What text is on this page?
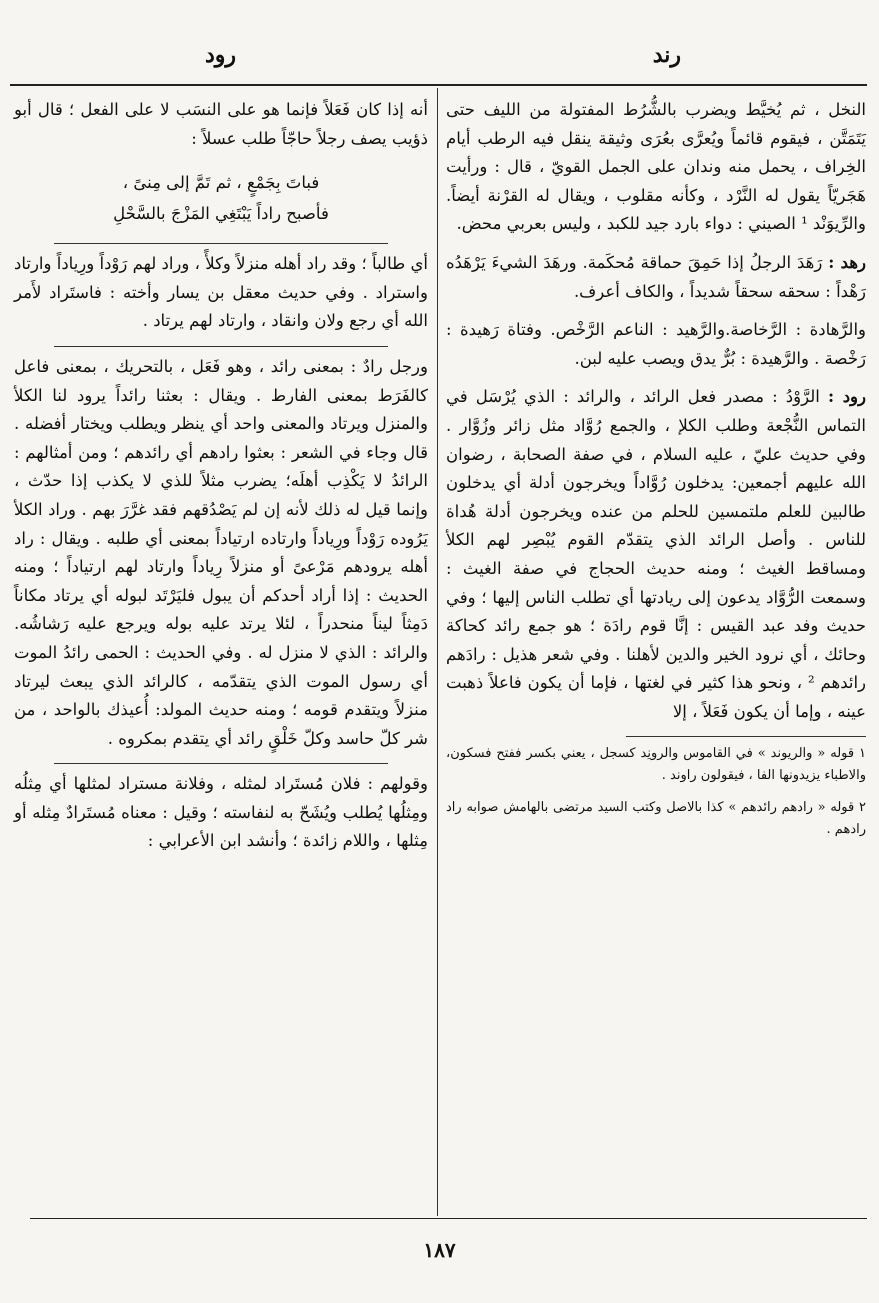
رند
رود

النخل ، ثم يُخيَّط ويضرب بالشُّرُط المفتولة من الليف حتى يَتَمَتَّن ، فيقوم قائماً ويُعرَّى بعُرَى وثيقة ينقل فيه الرطب أيام الخِراف ، يحمل منه وندان على الجمل القويّ ، قال : ورأيت هَجَريّاً يقول له النَّرْد ، وكأنه مقلوب ، ويقال له القرْنة أيضاً. والرِّيوَنْد ¹ الصيني : دواء بارد جيد للكبد ، وليس بعربي محض.

رهد : رَهَدَ الرجلُ إذا حَمِقَ حماقة مُحكَمة. ورهَدَ الشيءَ يَرْهَدُه رَهْداً : سحقه سحقاً شديداً ، والكاف أعرف.

والرَّهادة : الرَّخاصة.والرَّهيد : الناعم الرَّخْص. وفتاة رَهيدة : رَخْصة . والرَّهيدة : بُرٌّ يدق ويصب عليه لبن.

رود : الرَّوْدُ : مصدر فعل الرائد ، والرائد : الذي يُرْسَل في التماس النُّجْعة وطلب الكلإ ، والجمع رُوَّاد مثل زائر وزُوَّار . وفي حديث عليّ ، عليه السلام ، في صفة الصحابة ، رضوان الله عليهم أجمعين: يدخلون رُوَّاداً ويخرجون أدلة أي يدخلون طالبين للعلم ملتمسين للحلم من عنده ويخرجون أدلة هُداة للناس . وأصل الرائد الذي يتقدّم القوم يُبْصِر لهم الكلأ ومساقط الغيث ؛ ومنه حديث الحجاج في صفة الغيث : وسمعت الرُّوَّاد يدعون إلى ريادتها أي تطلب الناس إليها ؛ وفي حديث وفد عبد القيس : إنَّا قوم رادَة ؛ هو جمع رائد كحاكة وحائك ، أي نرود الخير والدين لأهلنا . وفي شعر هذيل : رادَهم رائدهم ² ، ونحو هذا كثير في لغتها ، فإما أن يكون فاعلاً ذهبت عينه ، وإما أن يكون فَعَلاً ، إلا

١ قوله « والريوند » في القاموس والرونِد كسجل ، يعني بكسر ففتح فسكون، والاطباء يزيدونها الفا ، فيقولون راوند .

٢ قوله « رادهم رائدهم » كذا بالاصل وكتب السيد مرتضى بالهامش صوابه راد رادهم .

أنه إذا كان فَعَلاً فإنما هو على النسَب لا على الفعل ؛ قال أبو ذؤيب يصف رجلاً حاجّاً طلب عسلاً :

فباتَ بِجَمْعٍ ، ثم تَمَّ إلى مِنىً ،
فأصبح راداً يَبْتَغِي المَزْجَ بالسَّحْلِ

أي طالباً ؛ وقد راد أهله منزلاً وكلأً ، وراد لهم رَوْداً ورِياداً وارتاد واستراد . وفي حديث معقل بن يسار وأخته : فاستَراد لأَمر الله أي رجع ولان وانقاد ، وارتاد لهم يرتاد .

ورجل رادٌ : بمعنى رائد ، وهو فَعَل ، بالتحريك ، بمعنى فاعل كالفَرَط بمعنى الفارط . ويقال : بعثنا رائداً يرود لنا الكلأ والمنزل ويرتاد والمعنى واحد أي ينظر ويطلب ويختار أفضله . قال وجاء في الشعر : بعثوا رادهم أي رائدهم ؛ ومن أمثالهم : الرائدُ لا يَكْذِب أهلَه؛ يضرب مثلاً للذي لا يكذب إذا حدّث ، وإنما قيل له ذلك لأنه إن لم يَصْدُقهم فقد غرَّرَ بهم . وراد الكلأ يَرُوده رَوْداً ورِياداً وارتاده ارتياداً بمعنى أي طلبه . ويقال : راد أهله يرودهم مَرْعىً أو منزلاً رِياداً وارتاد لهم ارتياداً ؛ ومنه الحديث : إذا أراد أحدكم أن يبول فليَرْتَد لبوله أي يرتاد مكاناً دَمِثاً ليناً منحدراً ، لئلا يرتد عليه بوله ويرجع عليه رَشاشُه. والرائد : الذي لا منزل له . وفي الحديث : الحمى رائدُ الموت أي رسول الموت الذي يتقدّمه ، كالرائد الذي يبعث ليرتاد منزلاً ويتقدم قومه ؛ ومنه حديث المولد: أُعيذك بالواحد ، من شر كلّ حاسد وكلّ خَلْقٍ رائد أي يتقدم بمكروه .

وقولهم : فلان مُستَراد لمثله ، وفلانة مستراد لمثلها أي مِثلُه ومِثلُها يُطلب ويُشَحّ به لنفاسته ؛ وقيل : معناه مُستَرادٌ مِثله أو مِثلها ، واللام زائدة ؛ وأنشد ابن الأعرابي :

١٨٧
